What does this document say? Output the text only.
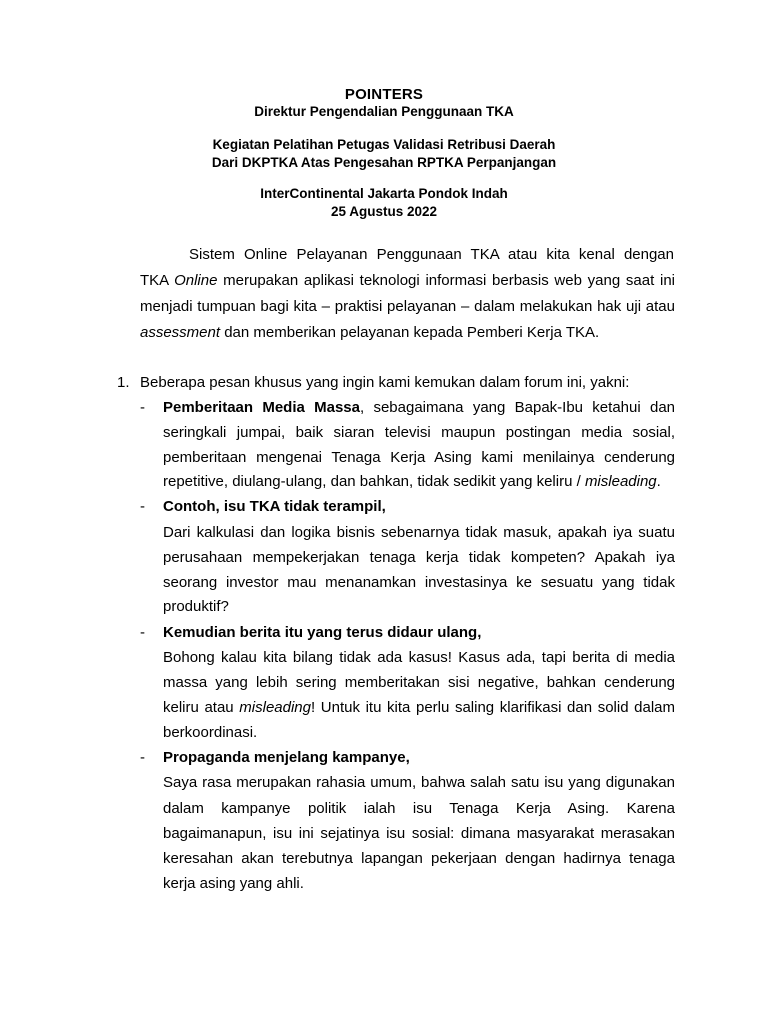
POINTERS
Direktur Pengendalian Penggunaan TKA
Kegiatan Pelatihan Petugas Validasi Retribusi Daerah
Dari DKPTKA Atas Pengesahan RPTKA Perpanjangan
InterContinental Jakarta Pondok Indah
25 Agustus 2022
Sistem Online Pelayanan Penggunaan TKA atau kita kenal dengan
TKA Online merupakan aplikasi teknologi informasi berbasis web yang saat ini
menjadi tumpuan bagi kita – praktisi pelayanan – dalam melakukan hak uji atau
assessment dan memberikan pelayanan kepada Pemberi Kerja TKA.
1. Beberapa pesan khusus yang ingin kami kemukan dalam forum ini, yakni:
- Pemberitaan Media Massa, sebagaimana yang Bapak-Ibu ketahui dan
seringkali jumpai, baik siaran televisi maupun postingan media sosial,
pemberitaan mengenai Tenaga Kerja Asing kami menilainya cenderung
repetitive, diulang-ulang, dan bahkan, tidak sedikit yang keliru / misleading.
- Contoh, isu TKA tidak terampil,
Dari kalkulasi dan logika bisnis sebenarnya tidak masuk, apakah iya suatu
perusahaan mempekerjakan tenaga kerja tidak kompeten? Apakah iya
seorang investor mau menanamkan investasinya ke sesuatu yang tidak
produktif?
- Kemudian berita itu yang terus didaur ulang,
Bohong kalau kita bilang tidak ada kasus! Kasus ada, tapi berita di media
massa yang lebih sering memberitakan sisi negative, bahkan cenderung
keliru atau misleading! Untuk itu kita perlu saling klarifikasi dan solid dalam
berkoordinasi.
- Propaganda menjelang kampanye,
Saya rasa merupakan rahasia umum, bahwa salah satu isu yang digunakan
dalam kampanye politik ialah isu Tenaga Kerja Asing. Karena
bagaimanapun, isu ini sejatinya isu sosial: dimana masyarakat merasakan
keresahan akan terebutnya lapangan pekerjaan dengan hadirnya tenaga
kerja asing yang ahli.
